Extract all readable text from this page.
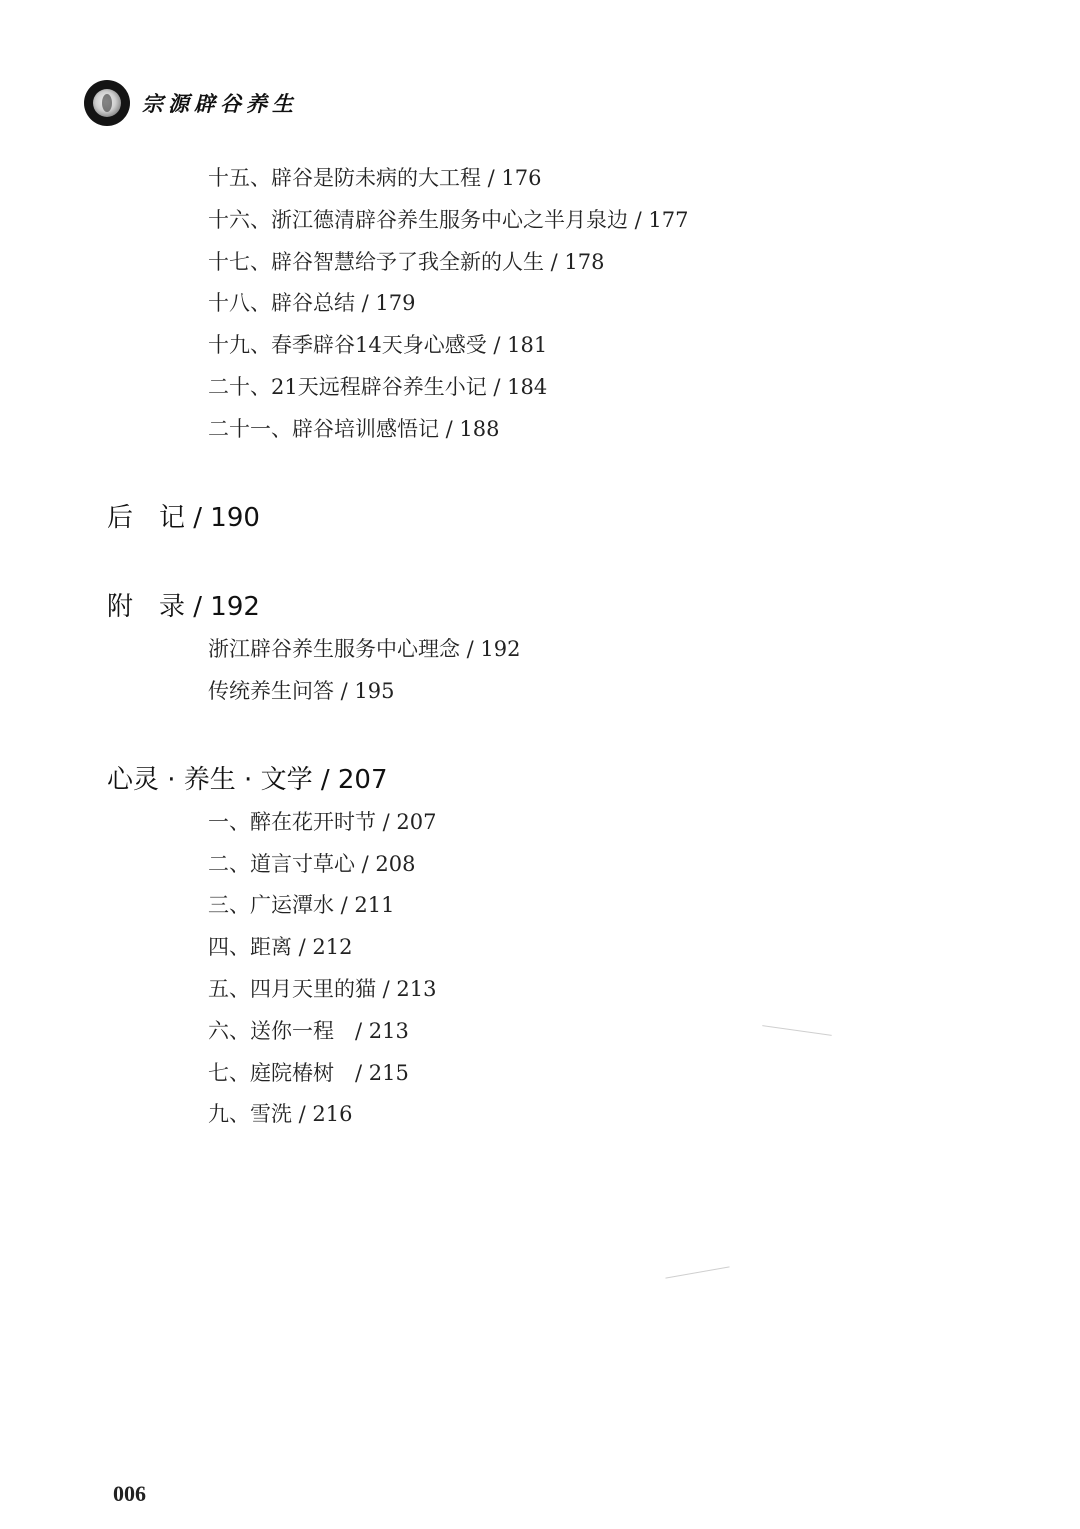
宗源辟谷养生
十五、辟谷是防未病的大工程 / 176
十六、浙江德清辟谷养生服务中心之半月泉边 / 177
十七、辟谷智慧给予了我全新的人生 / 178
十八、辟谷总结 / 179
十九、春季辟谷14天身心感受 / 181
二十、21天远程辟谷养生小记 / 184
二十一、辟谷培训感悟记 / 188
后　记 / 190
附　录 / 192
浙江辟谷养生服务中心理念 / 192
传统养生问答 / 195
心灵 · 养生 · 文学 / 207
一、醉在花开时节 / 207
二、道言寸草心 / 208
三、广运潭水 / 211
四、距离 / 212
五、四月天里的猫 / 213
六、送你一程　/ 213
七、庭院椿树　/ 215
九、雪洗 / 216
006
